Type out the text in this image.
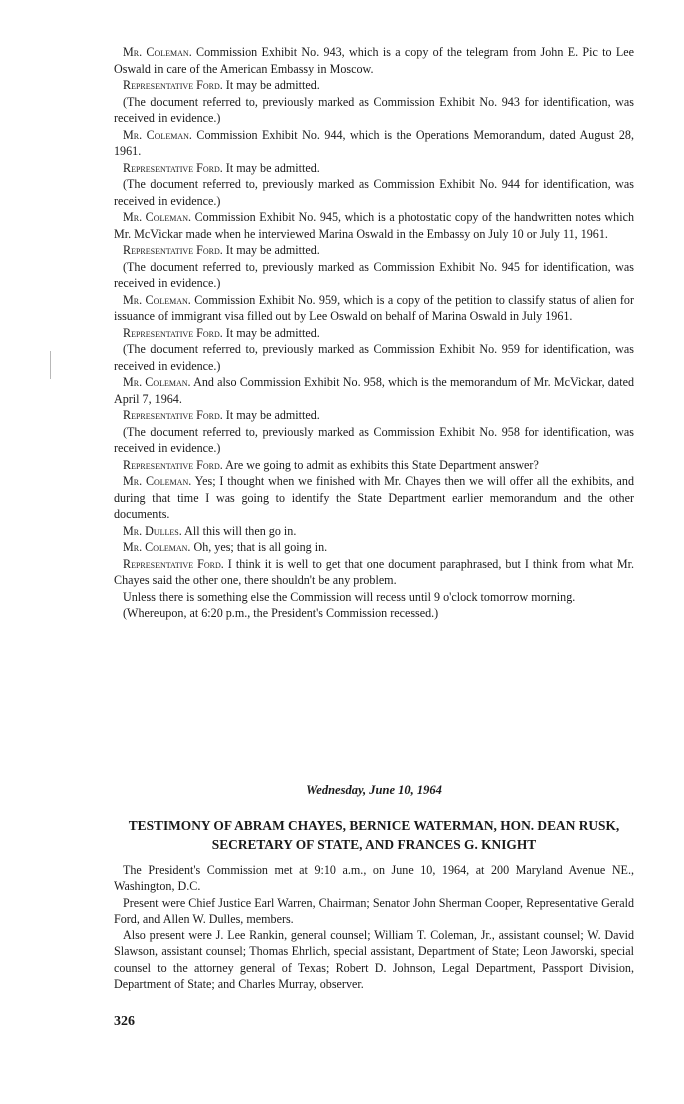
Mr. Coleman. Commission Exhibit No. 943, which is a copy of the telegram from John E. Pic to Lee Oswald in care of the American Embassy in Moscow.

Representative Ford. It may be admitted.

(The document referred to, previously marked as Commission Exhibit No. 943 for identification, was received in evidence.)

Mr. Coleman. Commission Exhibit No. 944, which is the Operations Memorandum, dated August 28, 1961.

Representative Ford. It may be admitted.

(The document referred to, previously marked as Commission Exhibit No. 944 for identification, was received in evidence.)

Mr. Coleman. Commission Exhibit No. 945, which is a photostatic copy of the handwritten notes which Mr. McVickar made when he interviewed Marina Oswald in the Embassy on July 10 or July 11, 1961.

Representative Ford. It may be admitted.

(The document referred to, previously marked as Commission Exhibit No. 945 for identification, was received in evidence.)

Mr. Coleman. Commission Exhibit No. 959, which is a copy of the petition to classify status of alien for issuance of immigrant visa filled out by Lee Oswald on behalf of Marina Oswald in July 1961.

Representative Ford. It may be admitted.

(The document referred to, previously marked as Commission Exhibit No. 959 for identification, was received in evidence.)

Mr. Coleman. And also Commission Exhibit No. 958, which is the memorandum of Mr. McVickar, dated April 7, 1964.

Representative Ford. It may be admitted.

(The document referred to, previously marked as Commission Exhibit No. 958 for identification, was received in evidence.)

Representative Ford. Are we going to admit as exhibits this State Department answer?

Mr. Coleman. Yes; I thought when we finished with Mr. Chayes then we will offer all the exhibits, and during that time I was going to identify the State Department earlier memorandum and the other documents.

Mr. Dulles. All this will then go in.

Mr. Coleman. Oh, yes; that is all going in.

Representative Ford. I think it is well to get that one document paraphrased, but I think from what Mr. Chayes said the other one, there shouldn't be any problem.

Unless there is something else the Commission will recess until 9 o'clock tomorrow morning.

(Whereupon, at 6:20 p.m., the President's Commission recessed.)

Wednesday, June 10, 1964
TESTIMONY OF ABRAM CHAYES, BERNICE WATERMAN, HON. DEAN RUSK, SECRETARY OF STATE, AND FRANCES G. KNIGHT

The President's Commission met at 9:10 a.m., on June 10, 1964, at 200 Maryland Avenue NE., Washington, D.C.

Present were Chief Justice Earl Warren, Chairman; Senator John Sherman Cooper, Representative Gerald Ford, and Allen W. Dulles, members.

Also present were J. Lee Rankin, general counsel; William T. Coleman, Jr., assistant counsel; W. David Slawson, assistant counsel; Thomas Ehrlich, special assistant, Department of State; Leon Jaworski, special counsel to the attorney general of Texas; Robert D. Johnson, Legal Department, Passport Division, Department of State; and Charles Murray, observer.

326
